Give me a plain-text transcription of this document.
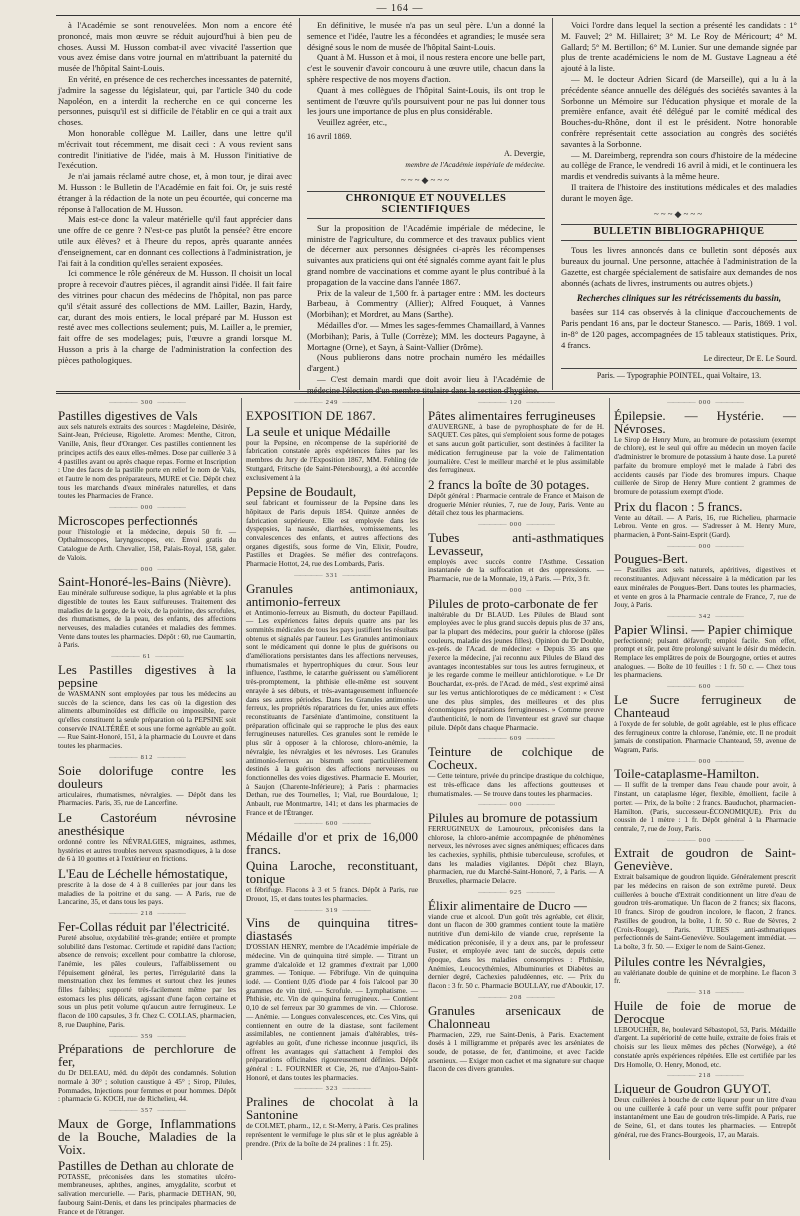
— 164 —

à l'Académie se sont renouvelées. Mon nom a encore été prononcé, mais mon œuvre se réduit aujourd'hui à bien peu de choses. Aussi M. Husson combat-il avec vivacité l'assertion que vous avez émise dans votre journal en m'attribuant la paternité du musée de l'hôpital Saint-Louis.

En vérité, en présence de ces recherches incessantes de paternité, j'admire la sagesse du législateur, qui, par l'article 340 du code Napoléon, en a interdit la recherche en ce qui concerne les personnes, puisqu'il est si difficile de l'établir en ce qui a trait aux choses.

Mon honorable collègue M. Lailler, dans une lettre qu'il m'écrivait tout récemment, me disait ceci : A vous revient sans contredit l'initiative de l'idée, mais à M. Husson l'initiative de l'exécution.

Je n'ai jamais réclamé autre chose, et, à mon tour, je dirai avec M. Husson : le Bulletin de l'Académie en fait foi. Or, je suis resté étranger à la rédaction de la note un peu écourtée, qui concerne ma réponse à l'allocation de M. Husson.

Mais est-ce donc la valeur matérielle qu'il faut apprécier dans une offre de ce genre ? N'est-ce pas plutôt la pensée? être encore utile aux élèves? et à l'heure du repos, après quarante années d'enseignement, car en donnant ces collections à l'administration, je l'ai fait à la condition qu'elles seraient exposées.

Ici commence le rôle généreux de M. Husson. Il choisit un local propre à recevoir d'autres pièces, il agrandit ainsi l'idée. Il fait faire des vitrines pour chacun des médecins de l'hôpital, non pas parce qu'il s'était assuré des collections de MM. Lailler, Bazin, Hardy, car, durant des mois entiers, le local préparé par M. Husson est resté avec mes collections seulement; puis, M. Lailler a, le premier, fait offre de ses modelages; puis, l'œuvre a grandi lorsque M. Husson a pris à la charge de l'administration la confection des pièces pathologiques.

En définitive, le musée n'a pas un seul père. L'un a donné la semence et l'idée, l'autre les a fécondées et agrandies; le musée sera désigné sous le nom de musée de l'hôpital Saint-Louis.

Quant à M. Husson et à moi, il nous restera encore une belle part, c'est le souvenir d'avoir concouru à une œuvre utile, chacun dans la sphère respective de nos moyens d'action.

Quant à mes collègues de l'hôpital Saint-Louis, ils ont trop le sentiment de l'œuvre qu'ils poursuivent pour ne pas lui donner tous les jours une importance de plus en plus considérable.

Veuillez agréer, etc.,

16 avril 1869.
A. Devergie,
membre de l'Académie impériale de médecine.
~~~◆~~~
CHRONIQUE ET NOUVELLES SCIENTIFIQUES

Sur la proposition de l'Académie impériale de médecine, le ministre de l'agriculture, du commerce et des travaux publics vient de décerner aux personnes désignées ci-après les récompenses suivantes aux praticiens qui ont été signalés comme ayant fait le plus grand nombre de vaccinations et comme ayant le plus contribué à la propagation de la vaccine dans l'année 1867.

Prix de la valeur de 1,500 fr. à partager entre : MM. les docteurs Barbeau, à Commentry (Allier); Alfred Fouquet, à Vannes (Morbihan); et Mordret, au Mans (Sarthe).

Médailles d'or. — Mmes les sages-femmes Chamaillard, à Vannes (Morbihan); Paris, à Tulle (Corrèze); MM. les docteurs Pagayne, à Mortagne (Orne), et Sayn, à Saint-Vallier (Drôme).

(Nous publierons dans notre prochain numéro les médailles d'argent.)

— C'est demain mardi que doit avoir lieu à l'Académie de médecine l'élection d'un membre titulaire dans la section d'hygiène.

Voici l'ordre dans lequel la section a présenté les candidats : 1° M. Fauvel; 2° M. Hillairet; 3° M. Le Roy de Méricourt; 4° M. Gallard; 5° M. Bertillon; 6° M. Lunier. Sur une demande signée par plus de trente académiciens le nom de M. Gustave Lagneau a été ajouté à la liste.

— M. le docteur Adrien Sicard (de Marseille), qui a lu à la précédente séance annuelle des délégués des sociétés savantes à la Sorbonne un Mémoire sur l'éducation physique et morale de la première enfance, avait été délégué par le comité médical des Bouches-du-Rhône, dont il est le président. Notre honorable confrère représentait cette association au congrès des sociétés savantes à la Sorbonne.

— M. Dareimberg, reprendra son cours d'histoire de la médecine au collège de France, le vendredi 16 avril à midi, et le continuera les mardis et vendredis suivants à la même heure.

Il traitera de l'histoire des institutions médicales et des maladies durant le moyen âge.

~~~◆~~~
BULLETIN BIBLIOGRAPHIQUE

Tous les livres annoncés dans ce bulletin sont déposés aux bureaux du journal. Une personne, attachée à l'administration de la Gazette, est chargée spécialement de satisfaire aux demandes de nos abonnés (achats de livres, instruments ou autres objets.)

Recherches cliniques sur les rétrécissements du bassin,

basées sur 114 cas observés à la clinique d'accouchements de Paris pendant 16 ans, par le docteur Stanesco. — Paris, 1869. 1 vol. in-8° de 120 pages, accompagnées de 15 tableaux statistiques. Prix, 4 francs.

Le directeur, Dr E. Le Sourd.
Paris. — Typographie POINTEL, quai Voltaire, 13.
————— 300 —————
Pastilles digestives de Vals

aux sels naturels extraits des sources : Magdeleine, Désirée, Saint-Jean, Précieuse, Rigolette. Aromes: Menthe, Citron, Vanille, Anis, fleur d'Oranger. Ces pastilles contiennent les principes actifs des eaux elles-mêmes. Dose par cuillerée 3 à 4 pastilles avant ou après chaque repas. Forme et Inscription : Une des faces de la pastille porte en relief le nom de Vals, et l'autre le nom des préparateurs, MURE et Cie. Dépôt chez tous les marchands d'eaux minérales naturelles, et dans toutes les Pharmacies de France.

————— 000 —————
Microscopes perfectionnés

pour l'histologie et la médecine, depuis 50 fr. — Opthalmoscopes, laryngoscopes, etc. Envoi gratis du Catalogue de Arth. Chevalier, 158, Palais-Royal, 158, galer. de Valois.

————— 000 —————
Saint-Honoré-les-Bains (Nièvre).

Eau minérale sulfureuse sodique, la plus agréable et la plus digestible de toutes les Eaux sulfureuses. Traitement des maladies de la gorge, de la voix, de la poitrine, des scrofules, des rhumatismes, de la peau, des enfants, des affections nerveuses, des maladies cutanées et maladies des femmes. Vente dans toutes les pharmacies. Dépôt : 60, rue Caumartin, à Paris.

————— 61 —————
Les Pastilles digestives à la pepsine

de WASMANN sont employées par tous les médecins au succès de la science, dans les cas où la digestion des aliments albuminoïdes est difficile ou impossible, parce qu'elles constituent la seule préparation où la PEPSINE soit conservée INALTÉRÉE et sous une forme agréable au goût. — Rue Saint-Honoré, 151, à la pharmacie du Louvre et dans toutes les pharmacies.

————— 812 —————
Soie dolorifuge contre les douleurs

articulaires, rhumatismes, névralgies. — Dépôt dans les Pharmacies. Paris, 35, rue de Lancerfine.

Le Castoréum névrosine anesthésique

ordonné contre les NÉVRALGIES, migraines, asthmes, hystéries et autres troubles nerveux spasmodiques, à la dose de 6 à 10 gouttes et à l'extérieur en frictions.

L'Eau de Léchelle hémostatique,

prescrite à la dose de 4 à 8 cuillerées par jour dans les maladies de la poitrine et du sang. — A Paris, rue de Lancarine, 35, et dans tous les pays.

————— 218 —————
Fer-Collas réduit par l'électricité.

Pureté absolue, oxydabilité très-grande; entière et prompte solubilité dans l'estomac. Certitude et rapidité dans l'action; absence de renvois; excellent pour combattre la chlorose, l'anémie, les pâles couleurs, l'affaiblissement ou l'épuisement général, les pertes, l'irrégularité dans la menstruation chez les femmes et surtout chez les jeunes filles faibles; supporté très-facilement même par les estomacs les plus délicats, agissant d'une façon certaine et sous un plus petit volume qu'aucun autre ferrugineux. Le flacon de 100 capsules, 3 fr. Chez C. COLLAS, pharmacien, 8, rue Dauphine, Paris.

————— 359 —————
Préparations de perchlorure de fer,

du Dr DELEAU, méd. du dépôt des condamnés. Solution normale à 30° ; solution caustique à 45° ; Sirop, Pilules, Pommades, Injections pour femmes et pour hommes. Dépôt : pharmacie G. KOCH, rue de Richelieu, 44.

————— 357 —————
Maux de Gorge, Inflammations de la Bouche, Maladies de la Voix.
Pastilles de Dethan au chlorate de

POTASSE, préconisées dans les stomatites ulcéro-membraneuses, aphthes, angines, amygdalite, scorbut et salivation mercurielle. — Paris, pharmacie DETHAN, 90, faubourg Saint-Denis, et dans les principales pharmacies de France et de l'étranger.

————— 249 —————
EXPOSITION DE 1867.
La seule et unique Médaille

pour la Pepsine, en récompense de la supériorité de fabrication constatée après expériences faites par les membres du Jury de l'Exposition 1867, MM. Fehling (de Stuttgard, Fritsche (de Saint-Pétersbourg), a été accordée exclusivement à la

Pepsine de Boudault,

seul fabricant et fournisseur de la Pepsine dans les hôpitaux de Paris depuis 1854. Quinze années de fabrication supérieure. Elle est employée dans les dyspepsies, la nausée, diarrhées, vomissements, les convalescences des enfants, et autres affections des organes digestifs, sous forme de Vin, Elixir, Poudre, Pastilles et Dragées. Se méfier des contrefaçons. Pharmacie Hottot, 24, rue des Lombards, Paris.

————— 331 —————
Granules antimoniaux, antimonio-ferreux

et Antimonio-ferreux au Bismuth, du docteur Papillaud. — Les expériences faites depuis quatre ans par les sommités médicales de tous les pays justifient les résultats obtenus et signalés par l'auteur. Les Granules antimoniaux sont le médicament qui donne le plus de guérisons ou d'améliorations persistantes dans les affections nerveuses, rhumatismales et hypertrophiques du cœur. Sous leur influence, l'asthme, le catarrhe guérissent ou s'améliorent très-promptement, la phthisie elle-même est souvent enrayée à ses débuts, et très-avantageusement influencée dans ses autres périodes. Dans les Granules antimonio-ferreux, les propriétés réparatrices du fer, unies aux effets reconstituants de l'arséniate d'antimoine, constituent la préparation officinale qui se rapproche le plus des eaux ferrugineuses naturelles. Ces granules sont le remède le plus sûr à opposer à la chlorose, chloro-anémie, la névralgie, les névralgies et les névroses. Les Granules antimonio-ferreux au bismuth sont particulièrement destinés à la guérison des affections nerveuses ou fonctionnelles des voies digestives. Pharmacie E. Mourier, à Saujon (Charente-Inférieure); à Paris : pharmacies Dethan, rue des Tournelles, 1; Vial, rue Bourdaloue, 1; Anbault, rue Montmartre, 141; et dans les pharmacies de France et de l'Étranger.

————— 600 —————
Médaille d'or et prix de 16,000 francs.
Quina Laroche, reconstituant, tonique

et fébrifuge. Flacons à 3 et 5 francs. Dépôt à Paris, rue Drouot, 15, et dans toutes les pharmacies.

————— 319 —————
Vins de quinquina titres-diastasés

D'OSSIAN HENRY, membre de l'Académie impériale de médecine. Vin de quinquina titré simple. — Titrant un gramme d'alcaloïde et 12 grammes d'extrait par 1,000 grammes. — Tonique. — Fébrifuge. Vin de quinquina iodé. — Contient 0,05 d'iode par 4 fois l'alcool par 30 grammes de vin titré. — Scrofule. — Lymphatisme. — Phthisie, etc. Vin de quinquina ferrugineux. — Contient 0,10 de sel ferreux par 30 grammes de vin. — Chlorose. — Anémie. — Longues convalescences, etc. Ces Vins, qui contiennent en outre de la diastase, sont facilement assimilables, ne contiennent jamais d'altérables, très-agréables au goût, d'une richesse inconnue jusqu'ici, ils offrent les avantages qui s'attachent à l'emploi des préparations officinales rigoureusement définies. Dépôt général : L. FOURNIER et Cie, 26, rue d'Anjou-Saint-Honoré, et dans toutes les pharmacies.

————— 323 —————
Pralines de chocolat à la Santonine

de COLMET, pharm., 12, r. St-Merry, à Paris. Ces pralines représentent le vermifuge le plus sûr et le plus agréable à prendre. (Prix de la boîte de 24 pralines : 1 fr. 25).

————— 120 —————
Pâtes alimentaires ferrugineuses

d'AUVERGNE, à base de pyrophosphate de fer de H. SAQUET. Ces pâtes, qui s'emploient sous forme de potages et sans aucun goût particulier, sont destinées à faciliter la médication ferrugineuse par la voie de l'alimentation journalière. C'est le meilleur marché et le plus assimilable des ferrugineux.

2 francs la boîte de 30 potages.

Dépôt général : Pharmacie centrale de France et Maison de droguerie Ménier réunies, 7, rue de Jouy, Paris. Vente au détail chez tous les pharmaciens.

————— 000 —————
Tubes anti-asthmatiques Levasseur,

employés avec succès contre l'Asthme. Cessation instantanée de la suffocation et des oppressions. — Pharmacie, rue de la Monnaie, 19, à Paris. — Prix, 3 fr.

————— 000 —————
Pilules de proto-carbonate de fer

inaltérable du Dr BLAUD. Les Pilules de Blaud sont employées avec le plus grand succès depuis plus de 37 ans, par la plupart des médecins, pour guérir la chlorose (pâles couleurs, maladie des jeunes filles). Opinion du Dr Double, ex-prés. de l'Acad. de médecine: « Depuis 35 ans que j'exerce la médecine, j'ai reconnu aux Pilules de Blaud des avantages incontestables sur tous les autres ferrugineux, et je les regarde comme le meilleur antichlorotique. » Le Dr Bouchardat, ex-prés. de l'Acad. de méd., s'est exprimé ainsi sur les vertus antichlorotiques de ce médicament : « C'est une des plus simples, des meilleures et des plus économiques préparations ferrugineuses. » Comme preuve d'authenticité, le nom de l'inventeur est gravé sur chaque pilule. Dépôt dans chaque Pharmacie.

————— 609 —————
Teinture de colchique de Cocheux.

— Cette teinture, privée du principe drastique du colchique, est très-efficace dans les affections goutteuses et rhumatismales. — Se trouve dans toutes les pharmacies.

————— 000 —————
Pilules au bromure de potassium

FERRUGINEUX de Lamouroux, préconisées dans la chlorose, la chloro-anémie accompagnée de phénomènes nerveux, les névroses avec signes anémiques; efficaces dans les cachexies, syphilis, phthisie tuberculeuse, scrofules, et dans les maladies vigilantes. Dépôt chez Blayn, pharmacien, rue du Marché-Saint-Honoré, 7, à Paris. — A Bruxelles, pharmacie Delacre.

————— 925 —————
Élixir alimentaire de Ducro —

viande crue et alcool. D'un goût très agréable, cet élixir, dont un flacon de 300 grammes contient toute la matière nutritive d'un demi-kilo de viande crue, représente la médication préconisée, il y a deux ans, par le professeur Fuster, et employée avec tant de succès, depuis cette époque, dans les maladies consomptives : Phthisie, Anémies, Leucocythémies, Albuminuries et Diabètes au dernier degré, Cachexies paludéennes, etc. — Prix du flacon : 3 fr. 50 c. Pharmacie BOULLAY, rue d'Aboukir, 17.

————— 208 —————
Granules arsenicaux de Chalonneau

Pharmacien, 229, rue Saint-Denis, à Paris. Exactement dosés à 1 milligramme et préparés avec les arséniates de soude, de potasse, de fer, d'antimoine, et avec l'acide arsenieux. — Exiger mon cachet et ma signature sur chaque flacon de ces divers granules.

————— 000 —————
Épilepsie. — Hystérie. — Névroses.

Le Sirop de Henry Mure, au bromure de potassium (exempt de chlore), est le seul qui offre au médecin un moyen facile d'administrer le bromure de potassium à haute dose. La pureté parfaite du bromure employé met le malade à l'abri des accidents causés par l'iode des bromures impurs. Chaque cuillerée de Sirop de Henry Mure contient 2 grammes de bromure de potassium exempt d'iode.

Prix du flacon : 5 francs.

Vente au détail. — A Paris, 16, rue Richelieu, pharmacie Lebrou. Vente en gros. — S'adresser à M. Henry Mure, pharmacien, à Pont-Saint-Esprit (Gard).

————— 000 —————
Pougues-Bert.

— Pastilles aux sels naturels, apéritives, digestives et reconstituantes. Adjuvant nécessaire à la médication par les eaux minérales de Pougues-Bert. Dans toutes les pharmacies, et vente en gros à la Pharmacie centrale de France, 7, rue de Jouy, à Paris.

————— 342 —————
Papier Wlinsi. — Papier chimique

perfectionné; pulsant défavorît; emploi facile. Son effet, prompt et sûr, peut être prolongé suivant le désir du médecin. Remplace les emplâtres de poix de Bourgogne, orties et autres analogues. — Boîte de 10 feuilles : 1 fr. 50 c. — Chez tous les pharmaciens.

————— 600 —————
Le Sucre ferrugineux de Chanteaud

à l'oxyde de fer soluble, de goût agréable, est le plus efficace des ferrugineux contre la chlorose, l'anémie, etc. Il ne produit jamais de constipation. Pharmacie Chanteaud, 59, avenue de Wagram, Paris.

————— 000 —————
Toile-cataplasme-Hamilton.

— Il suffit de la tremper dans l'eau chaude pour avoir, à l'instant, un cataplasme léger, flexible, émollient, facile à porter. — Prix, de la boîte : 2 francs. Bauduchot, pharmacien-Hamilton. (Paris, successeur-ÉCONOMIQUE). Prix du coussin de 1 mètre : 1 fr. Dépôt général à la Pharmacie centrale, 7, rue de Jouy, Paris.

————— 000 —————
Extrait de goudron de Saint-Geneviève.

Extrait balsamique de goudron liquide. Généralement prescrit par les médecins en raison de son extrême pureté. Deux cuillerées à bouche d'Extrait conditionnent un litre d'eau de goudron très-aromatique. Un flacon de 2 francs; six flacons, 10 francs. Sirop de goudron incolore, le flacon, 2 francs. Pastilles de goudron, la boîte, 1 fr. 50 c. Rue de Sèvres, 2 (Croix-Rouge), Paris. TUBES anti-asthmatiques perfectionnés de Saint-Geneviève. Soulagement immédiat. — La boîte, 3 fr. 50. — Exiger le nom de Saint-Genez.

Pilules contre les Névralgies,

au valérianate double de quinine et de morphine. Le flacon 3 fr.

————— 318 —————
Huile de foie de morue de Derocque

LEBOUCHER, 8e, boulevard Sébastopol, 53, Paris. Médaille d'argent. La supériorité de cette huile, extraite de foies frais et choisis sur les lieux mêmes des pêches (Norwége), a été constatée après expériences répétées. Elle est certifiée par les Drs Homolle, O. Henry, Monod, etc.

————— 218 —————
Liqueur de Goudron GUYOT.

Deux cuillerées à bouche de cette liqueur pour un litre d'eau ou une cuillerée à café pour un verre suffit pour préparer instantanément une Eau de goudron très-limpide. A Paris, rue de Seine, 61, et dans toutes les pharmacies. — Entrepôt général, rue des Francs-Bourgeois, 17, au Marais.
